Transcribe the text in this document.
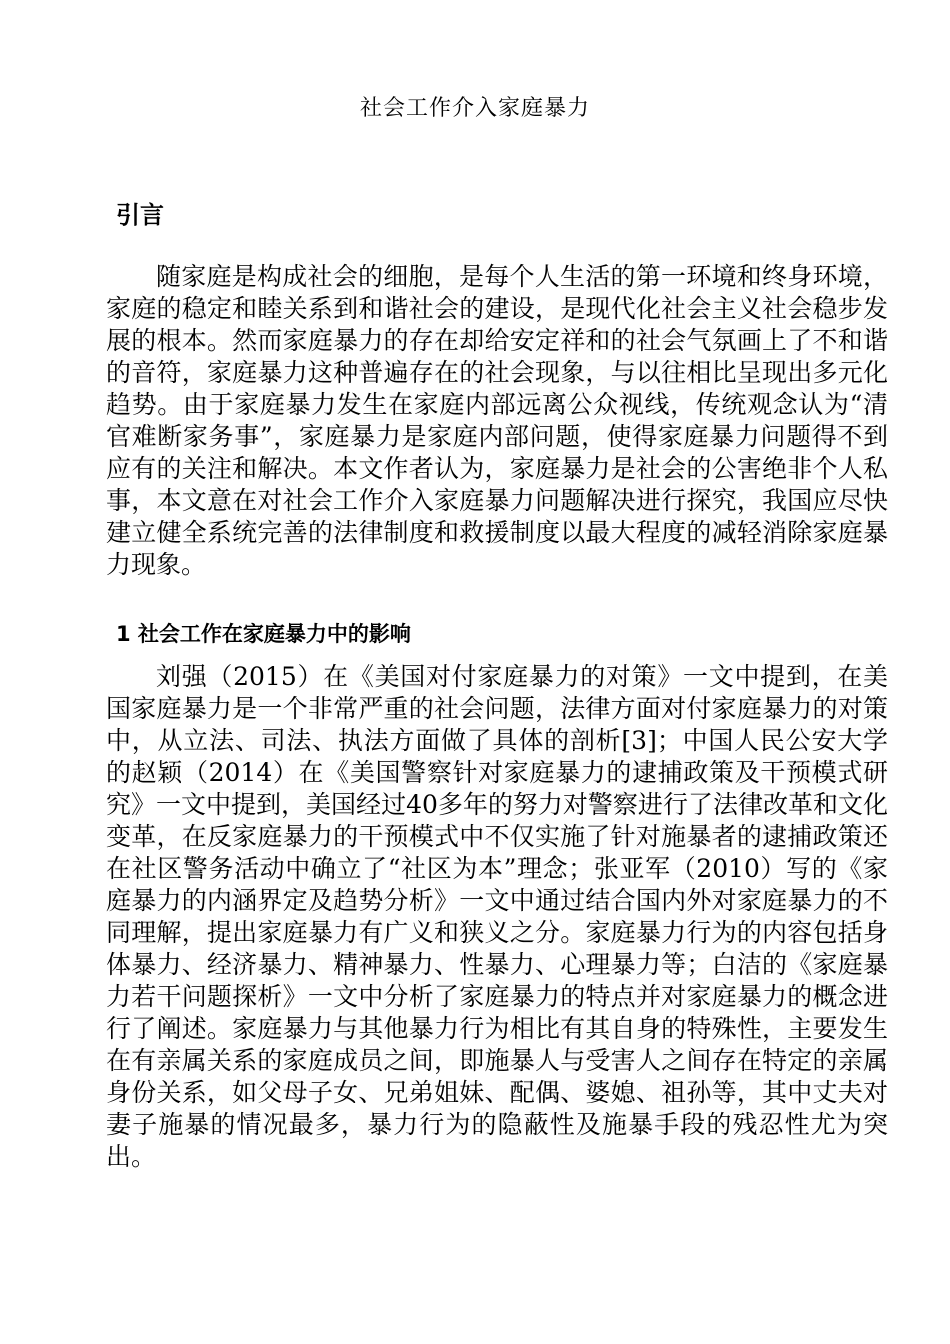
社会工作介入家庭暴力
引言

随家庭是构成社会的细胞，是每个人生活的第一环境和终身环境，家庭的稳定和睦关系到和谐社会的建设，是现代化社会主义社会稳步发展的根本。然而家庭暴力的存在却给安定祥和的社会气氛画上了不和谐的音符，家庭暴力这种普遍存在的社会现象，与以往相比呈现出多元化趋势。由于家庭暴力发生在家庭内部远离公众视线，传统观念认为“清官难断家务事”，家庭暴力是家庭内部问题，使得家庭暴力问题得不到应有的关注和解决。本文作者认为，家庭暴力是社会的公害绝非个人私事，本文意在对社会工作介入家庭暴力问题解决进行探究，我国应尽快建立健全系统完善的法律制度和救援制度以最大程度的减轻消除家庭暴力现象。

1 社会工作在家庭暴力中的影响

刘强（2015）在《美国对付家庭暴力的对策》一文中提到，在美国家庭暴力是一个非常严重的社会问题，法律方面对付家庭暴力的对策中，从立法、司法、执法方面做了具体的剖析[3]；中国人民公安大学的赵颖（2014）在《美国警察针对家庭暴力的逮捕政策及干预模式研究》一文中提到，美国经过40多年的努力对警察进行了法律改革和文化变革，在反家庭暴力的干预模式中不仅实施了针对施暴者的逮捕政策还在社区警务活动中确立了“社区为本”理念；张亚军（2010）写的《家庭暴力的内涵界定及趋势分析》一文中通过结合国内外对家庭暴力的不同理解，提出家庭暴力有广义和狭义之分。家庭暴力行为的内容包括身体暴力、经济暴力、精神暴力、性暴力、心理暴力等；白洁的《家庭暴力若干问题探析》一文中分析了家庭暴力的特点并对家庭暴力的概念进行了阐述。家庭暴力与其他暴力行为相比有其自身的特殊性，主要发生在有亲属关系的家庭成员之间，即施暴人与受害人之间存在特定的亲属身份关系，如父母子女、兄弟姐妹、配偶、婆媳、祖孙等，其中丈夫对妻子施暴的情况最多，暴力行为的隐蔽性及施暴手段的残忍性尤为突出。
